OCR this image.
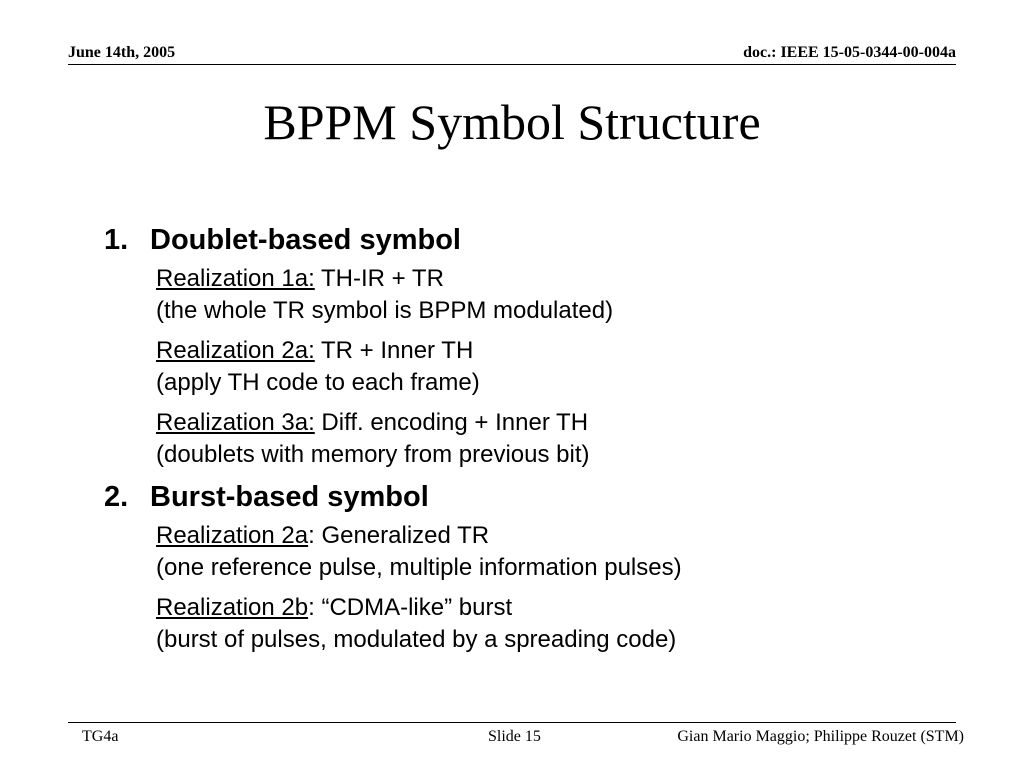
June 14th, 2005	doc.: IEEE 15-05-0344-00-004a
BPPM Symbol Structure
1. Doublet-based symbol
Realization 1a: TH-IR + TR
(the whole TR symbol is BPPM modulated)
Realization 2a: TR + Inner TH
(apply TH code to each frame)
Realization 3a: Diff. encoding + Inner TH
(doublets with memory from previous bit)
2. Burst-based symbol
Realization 2a: Generalized TR
(one reference pulse, multiple information pulses)
Realization 2b: “CDMA-like” burst
(burst of pulses, modulated by a spreading code)
TG4a	Slide 15	Gian Mario Maggio; Philippe Rouzet (STM)
